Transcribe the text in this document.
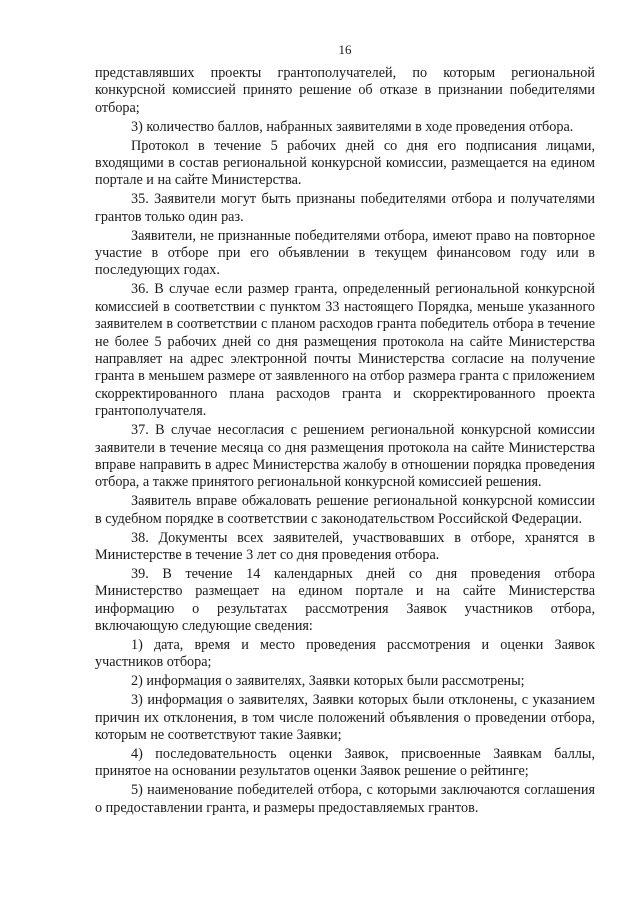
16

представлявших проекты грантополучателей, по которым региональной конкурсной комиссией принято решение об отказе в признании победителями отбора;

3) количество баллов, набранных заявителями в ходе проведения отбора.

Протокол в течение 5 рабочих дней со дня его подписания лицами, входящими в состав региональной конкурсной комиссии, размещается на едином портале и на сайте Министерства.

35. Заявители могут быть признаны победителями отбора и получателями грантов только один раз.

Заявители, не признанные победителями отбора, имеют право на повторное участие в отборе при его объявлении в текущем финансовом году или в последующих годах.

36. В случае если размер гранта, определенный региональной конкурсной комиссией в соответствии с пунктом 33 настоящего Порядка, меньше указанного заявителем в соответствии с планом расходов гранта победитель отбора в течение не более 5 рабочих дней со дня размещения протокола на сайте Министерства направляет на адрес электронной почты Министерства согласие на получение гранта в меньшем размере от заявленного на отбор размера гранта с приложением скорректированного плана расходов гранта и скорректированного проекта грантополучателя.

37. В случае несогласия с решением региональной конкурсной комиссии заявители в течение месяца со дня размещения протокола на сайте Министерства вправе направить в адрес Министерства жалобу в отношении порядка проведения отбора, а также принятого региональной конкурсной комиссией решения.

Заявитель вправе обжаловать решение региональной конкурсной комиссии в судебном порядке в соответствии с законодательством Российской Федерации.

38. Документы всех заявителей, участвовавших в отборе, хранятся в Министерстве в течение 3 лет со дня проведения отбора.

39. В течение 14 календарных дней со дня проведения отбора Министерство размещает на едином портале и на сайте Министерства информацию о результатах рассмотрения Заявок участников отбора, включающую следующие сведения:

1) дата, время и место проведения рассмотрения и оценки Заявок участников отбора;

2) информация о заявителях, Заявки которых были рассмотрены;

3) информация о заявителях, Заявки которых были отклонены, с указанием причин их отклонения, в том числе положений объявления о проведении отбора, которым не соответствуют такие Заявки;

4) последовательность оценки Заявок, присвоенные Заявкам баллы, принятое на основании результатов оценки Заявок решение о рейтинге;

5) наименование победителей отбора, с которыми заключаются соглашения о предоставлении гранта, и размеры предоставляемых грантов.
